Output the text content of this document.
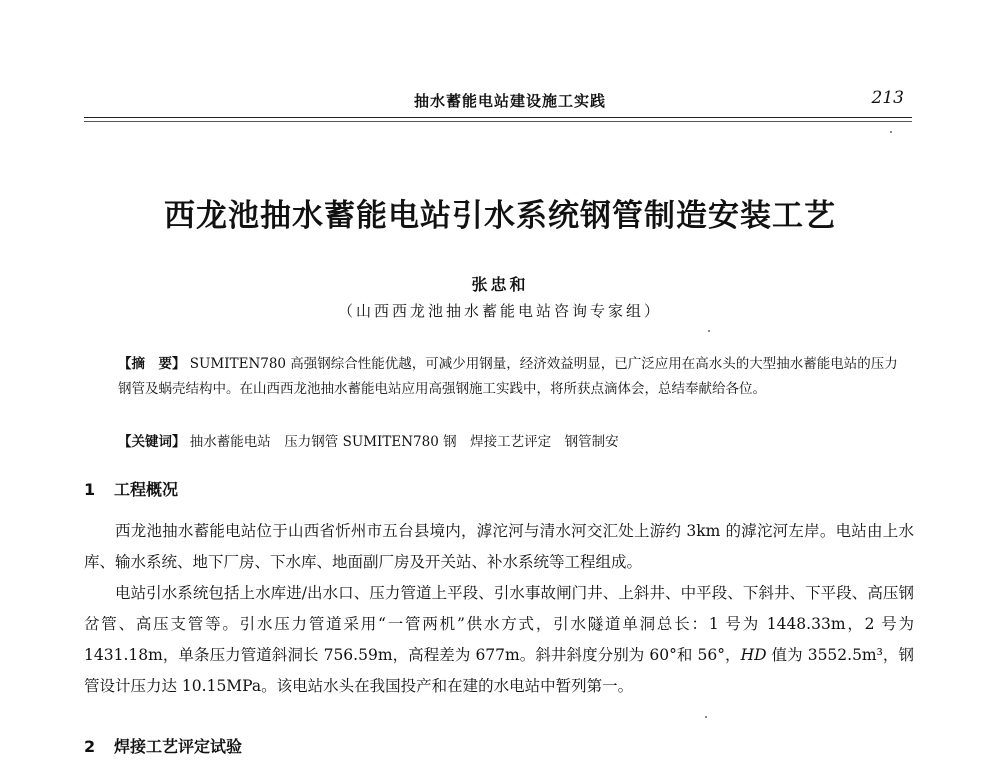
抽水蓄能电站建设施工实践	213
西龙池抽水蓄能电站引水系统钢管制造安装工艺
张忠和
（山西西龙池抽水蓄能电站咨询专家组）
【摘　要】 SUMITEN780 高强钢综合性能优越，可减少用钢量，经济效益明显，已广泛应用在高水头的大型抽水蓄能电站的压力钢管及蜗壳结构中。在山西西龙池抽水蓄能电站应用高强钢施工实践中，将所获点滴体会，总结奉献给各位。
【关键词】 抽水蓄能电站　压力钢管 SUMITEN780 钢　焊接工艺评定　钢管制安
1 工程概况

西龙池抽水蓄能电站位于山西省忻州市五台县境内，滹沱河与清水河交汇处上游约 3km 的滹沱河左岸。电站由上水库、输水系统、地下厂房、下水库、地面副厂房及开关站、补水系统等工程组成。

电站引水系统包括上水库进/出水口、压力管道上平段、引水事故闸门井、上斜井、中平段、下斜井、下平段、高压钢岔管、高压支管等。引水压力管道采用“一管两机”供水方式，引水隧道单洞总长：1 号为 1448.33m，2 号为 1431.18m，单条压力管道斜洞长 756.59m，高程差为 677m。斜井斜度分别为 60°和 56°，HD 值为 3552.5m³，钢管设计压力达 10.15MPa。该电站水头在我国投产和在建的水电站中暂列第一。

2 焊接工艺评定试验
